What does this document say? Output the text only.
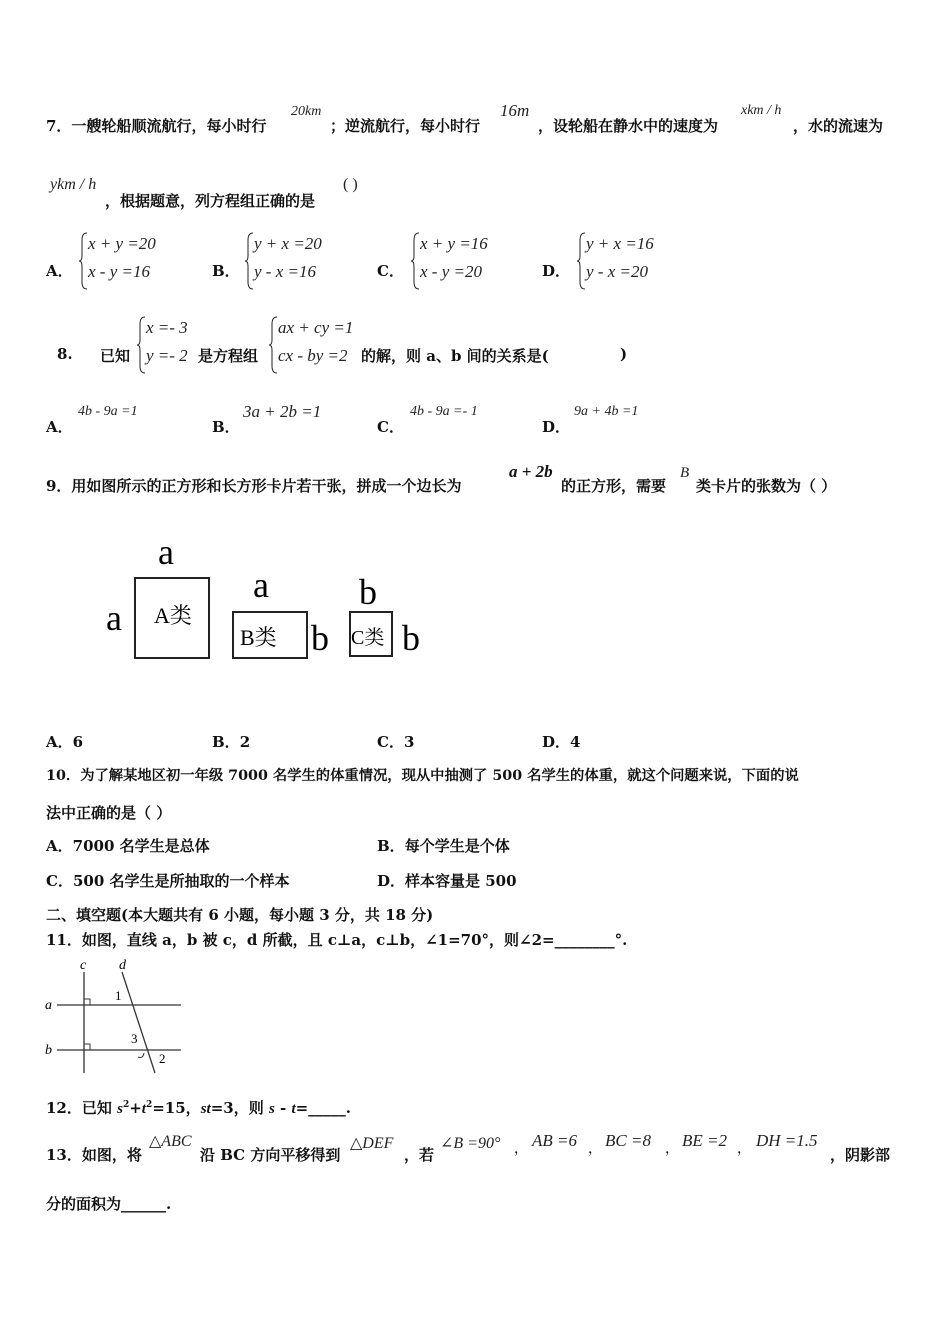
7．一艘轮船顺流航行，每小时行
20km
；逆流航行，每小时行
16m
，设轮船在静水中的速度为
xkm / h
，水的流速为
ykm / h
，根据题意，列方程组正确的是
( )
A．
x + y =20
x - y =16	B．
y + x =20
y - x =16	C．
x + y =16
x - y =20	D．
y + x =16
y - x =20
8. 已知
x =- 3
y =- 2 是方程组
ax + cy =1
cx - by =2 的解，则 a、b 间的关系是(	)
A．
4b - 9a =1
B．
3a + 2b =1
C．
4b - 9a =- 1
D．
9a + 4b =1
9．用如图所示的正方形和长方形卡片若干张，拼成一个边长为
a + 2b
的正方形，需要
B
类卡片的张数为（ ）
a
a A类
a
B类 b
b
C类 b
A．6	B．2	C．3	D．4
10．为了解某地区初一年级 7000 名学生的体重情况，现从中抽测了 500 名学生的体重，就这个问题来说，下面的说
法中正确的是（ ）
A．7000 名学生是总体	B．每个学生是个体
C．500 名学生是所抽取的一个样本	D．样本容量是 500
二、填空题(本大题共有 6 小题，每小题 3 分，共 18 分)
11．如图，直线 a，b 被 c，d 所截，且 c⊥a，c⊥b，∠1=70°，则∠2=________°.
c d
a
b
1
3
2
12．已知 $s^2+t^2=15$，st=3，则 s - t=_____.
13．如图，将
△ABC
沿 BC 方向平移得到
△DEF
，若
∠B =90° ， AB =6 ， BC =8 ， BE =2 ， DH =1.5
，阴影部
分的面积为______.
